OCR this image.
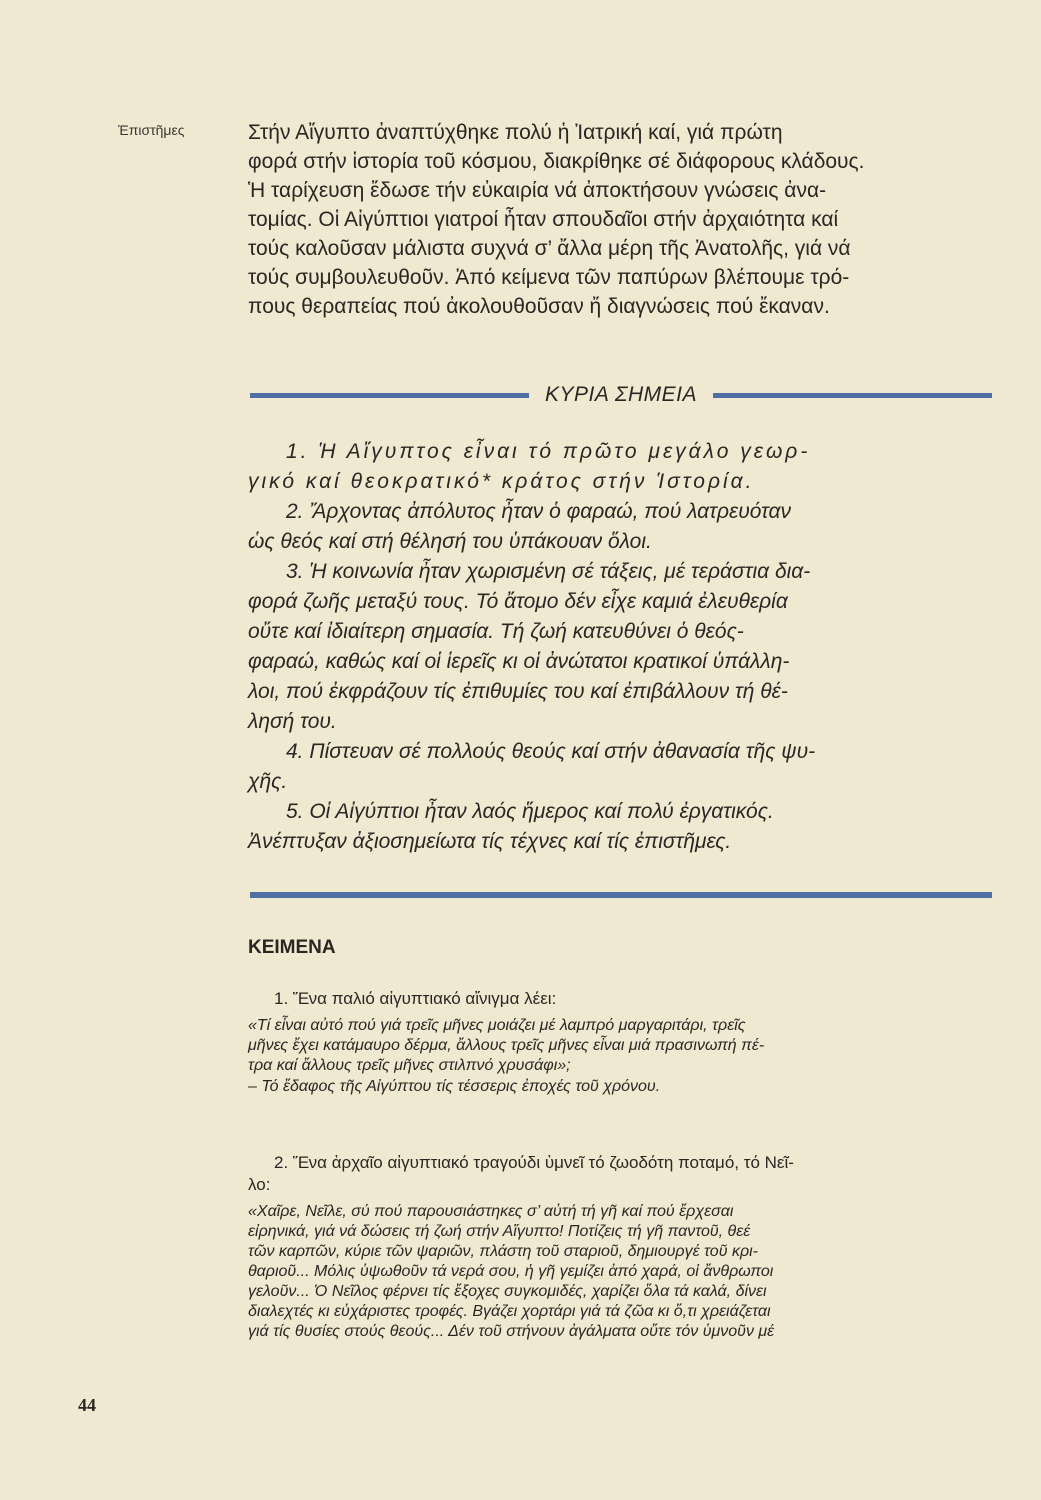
Ἐπιστῆμες	Στήν Αἴγυπτο ἀναπτύχθηκε πολύ ἡ Ἰατρική καί, γιά πρώτη

φορά στήν ἱστορία τοῦ κόσμου, διακρίθηκε σέ διάφορους κλάδους.

Ἡ ταρίχευση ἔδωσε τήν εὐκαιρία νά ἀποκτήσουν γνώσεις ἀνα-

τομίας. Οἱ Αἰγύπτιοι γιατροί ἦταν σπουδαῖοι στήν ἀρχαιότητα καί

τούς καλοῦσαν μάλιστα συχνά σ’ ἄλλα μέρη τῆς Ἀνατολῆς, γιά νά

τούς συμβουλευθοῦν. Ἀπό κείμενα τῶν παπύρων βλέπουμε τρό-

πους θεραπείας πού ἀκολουθοῦσαν ἤ διαγνώσεις πού ἔκαναν.

ΚΥΡΙΑ ΣΗΜΕΙΑ

1. Ἡ Αἴγυπτος εἶναι τό πρῶτο μεγάλο γεωρ-

γικό καί θεοκρατικό* κράτος στήν Ἱστορία.

2. Ἄρχοντας ἀπόλυτος ἦταν ὁ φαραώ, πού λατρευόταν

ὡς θεός καί στή θέλησή του ὑπάκουαν ὅλοι.

3. Ἡ κοινωνία ἦταν χωρισμένη σέ τάξεις, μέ τεράστια δια-

φορά ζωῆς μεταξύ τους. Τό ἄτομο δέν εἶχε καμιά ἐλευθερία

οὔτε καί ἰδιαίτερη σημασία. Τή ζωή κατευθύνει ὁ θεός-

φαραώ, καθώς καί οἱ ἱερεῖς κι οἱ ἀνώτατοι κρατικοί ὑπάλλη-

λοι, πού ἐκφράζουν τίς ἐπιθυμίες του καί ἐπιβάλλουν τή θέ-

λησή του.

4. Πίστευαν σέ πολλούς θεούς καί στήν ἀθανασία τῆς ψυ-

χῆς.

5. Οἱ Αἰγύπτιοι ἦταν λαός ἥμερος καί πολύ ἐργατικός.

Ἀνέπτυξαν ἀξιοσημείωτα τίς τέχνες καί τίς ἐπιστῆμες.

ΚΕΙΜΕΝΑ

1. Ἕνα παλιό αἰγυπτιακό αἴνιγμα λέει:

«Τί εἶναι αὐτό πού γιά τρεῖς μῆνες μοιάζει μέ λαμπρό μαργαριτάρι, τρεῖς

μῆνες ἔχει κατάμαυρο δέρμα, ἄλλους τρεῖς μῆνες εἶναι μιά πρασινωπή πέ-

τρα καί ἄλλους τρεῖς μῆνες στιλπνό χρυσάφι»;

– Τό ἔδαφος τῆς Αἰγύπτου τίς τέσσερις ἐποχές τοῦ χρόνου.

2. Ἕνα ἀρχαῖο αἰγυπτιακό τραγούδι ὑμνεῖ τό ζωοδότη ποταμό, τό Νεῖ-

λο:

«Χαῖρε, Νεῖλε, σύ πού παρουσιάστηκες σ’ αὐτή τή γῆ καί πού ἔρχεσαι

εἰρηνικά, γιά νά δώσεις τή ζωή στήν Αἴγυπτο! Ποτίζεις τή γῆ παντοῦ, θεέ

τῶν καρπῶν, κύριε τῶν ψαριῶν, πλάστη τοῦ σταριοῦ, δημιουργέ τοῦ κρι-

θαριοῦ... Μόλις ὑψωθοῦν τά νερά σου, ἡ γῆ γεμίζει ἀπό χαρά, οἱ ἄνθρωποι

γελοῦν... Ὁ Νεῖλος φέρνει τίς ἔξοχες συγκομιδές, χαρίζει ὅλα τά καλά, δίνει

διαλεχτές κι εὐχάριστες τροφές. Βγάζει χορτάρι γιά τά ζῶα κι ὅ,τι χρειάζεται

γιά τίς θυσίες στούς θεούς... Δέν τοῦ στήνουν ἀγάλματα οὔτε τόν ὑμνοῦν μέ

44
